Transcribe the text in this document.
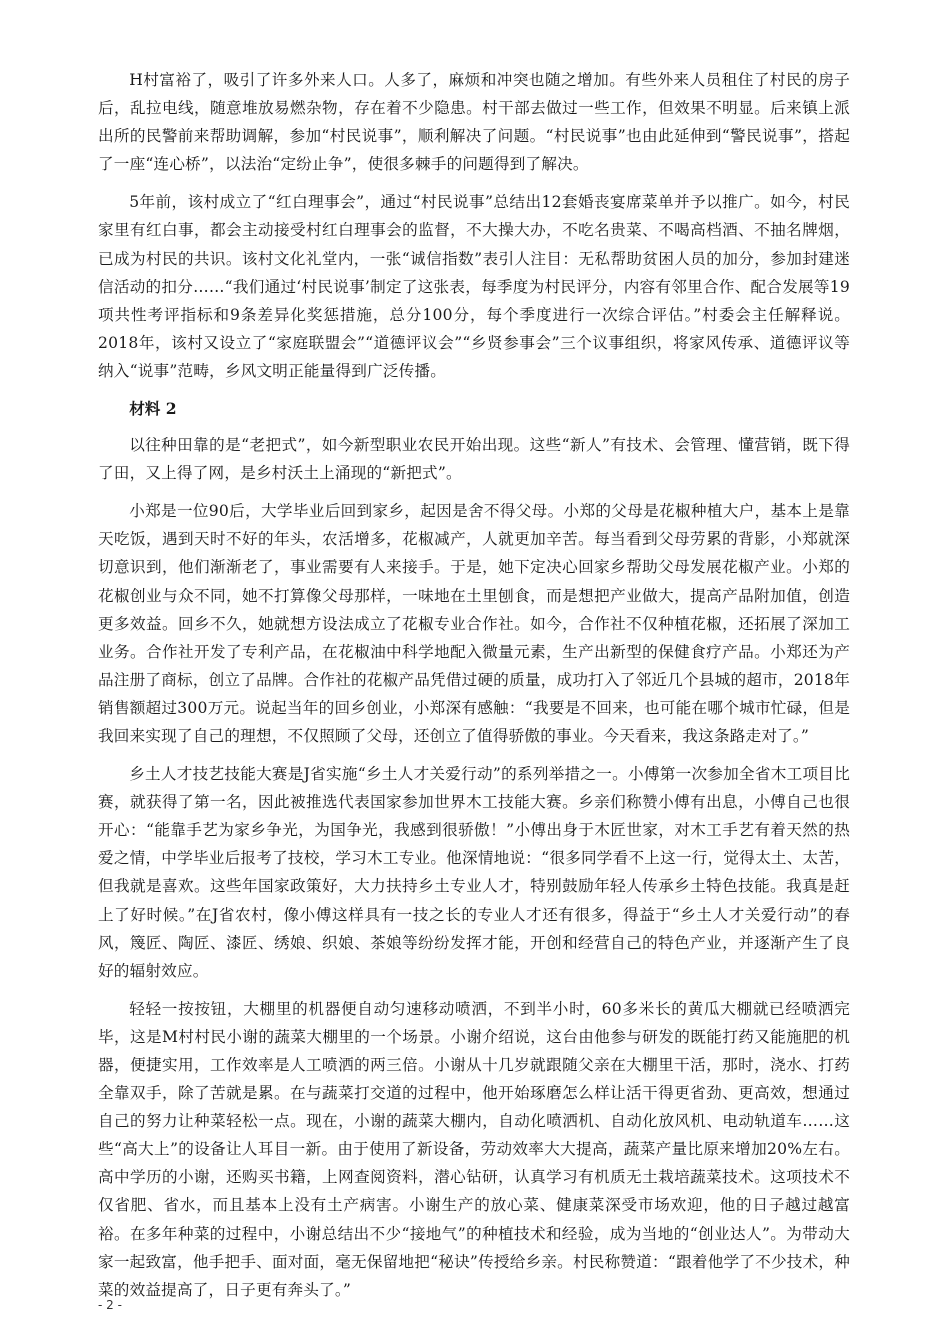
H村富裕了，吸引了许多外来人口。人多了，麻烦和冲突也随之增加。有些外来人员租住了村民的房子后，乱拉电线，随意堆放易燃杂物，存在着不少隐患。村干部去做过一些工作，但效果不明显。后来镇上派出所的民警前来帮助调解，参加“村民说事”，顺利解决了问题。“村民说事”也由此延伸到“警民说事”，搭起了一座“连心桥”，以法治“定纷止争”，使很多棘手的问题得到了解决。

5年前，该村成立了“红白理事会”，通过“村民说事”总结出12套婚丧宴席菜单并予以推广。如今，村民家里有红白事，都会主动接受村红白理事会的监督，不大操大办，不吃名贵菜、不喝高档酒、不抽名牌烟，已成为村民的共识。该村文化礼堂内，一张“诚信指数”表引人注目：无私帮助贫困人员的加分，参加封建迷信活动的扣分……“我们通过‘村民说事’制定了这张表，每季度为村民评分，内容有邻里合作、配合发展等19项共性考评指标和9条差异化奖惩措施，总分100分，每个季度进行一次综合评估。”村委会主任解释说。2018年，该村又设立了“家庭联盟会”“道德评议会”“乡贤参事会”三个议事组织，将家风传承、道德评议等纳入“说事”范畴，乡风文明正能量得到广泛传播。

材料 2

以往种田靠的是“老把式”，如今新型职业农民开始出现。这些“新人”有技术、会管理、懂营销，既下得了田，又上得了网，是乡村沃土上涌现的“新把式”。

小郑是一位90后，大学毕业后回到家乡，起因是舍不得父母。小郑的父母是花椒种植大户，基本上是靠天吃饭，遇到天时不好的年头，农活增多，花椒减产，人就更加辛苦。每当看到父母劳累的背影，小郑就深切意识到，他们渐渐老了，事业需要有人来接手。于是，她下定决心回家乡帮助父母发展花椒产业。小郑的花椒创业与众不同，她不打算像父母那样，一味地在土里刨食，而是想把产业做大，提高产品附加值，创造更多效益。回乡不久，她就想方设法成立了花椒专业合作社。如今，合作社不仅种植花椒，还拓展了深加工业务。合作社开发了专利产品，在花椒油中科学地配入微量元素，生产出新型的保健食疗产品。小郑还为产品注册了商标，创立了品牌。合作社的花椒产品凭借过硬的质量，成功打入了邻近几个县城的超市，2018年销售额超过300万元。说起当年的回乡创业，小郑深有感触：“我要是不回来，也可能在哪个城市忙碌，但是我回来实现了自己的理想，不仅照顾了父母，还创立了值得骄傲的事业。今天看来，我这条路走对了。”

乡土人才技艺技能大赛是J省实施“乡土人才关爱行动”的系列举措之一。小傅第一次参加全省木工项目比赛，就获得了第一名，因此被推选代表国家参加世界木工技能大赛。乡亲们称赞小傅有出息，小傅自己也很开心：“能靠手艺为家乡争光，为国争光，我感到很骄傲！”小傅出身于木匠世家，对木工手艺有着天然的热爱之情，中学毕业后报考了技校，学习木工专业。他深情地说：“很多同学看不上这一行，觉得太土、太苦，但我就是喜欢。这些年国家政策好，大力扶持乡土专业人才，特别鼓励年轻人传承乡土特色技能。我真是赶上了好时候。”在J省农村，像小傅这样具有一技之长的专业人才还有很多，得益于“乡土人才关爱行动”的春风，篾匠、陶匠、漆匠、绣娘、织娘、茶娘等纷纷发挥才能，开创和经营自己的特色产业，并逐渐产生了良好的辐射效应。

轻轻一按按钮，大棚里的机器便自动匀速移动喷洒，不到半小时，60多米长的黄瓜大棚就已经喷洒完毕，这是M村村民小谢的蔬菜大棚里的一个场景。小谢介绍说，这台由他参与研发的既能打药又能施肥的机器，便捷实用，工作效率是人工喷洒的两三倍。小谢从十几岁就跟随父亲在大棚里干活，那时，浇水、打药全靠双手，除了苦就是累。在与蔬菜打交道的过程中，他开始琢磨怎么样让活干得更省劲、更高效，想通过自己的努力让种菜轻松一点。现在，小谢的蔬菜大棚内，自动化喷洒机、自动化放风机、电动轨道车……这些“高大上”的设备让人耳目一新。由于使用了新设备，劳动效率大大提高，蔬菜产量比原来增加20%左右。高中学历的小谢，还购买书籍，上网查阅资料，潜心钻研，认真学习有机质无土栽培蔬菜技术。这项技术不仅省肥、省水，而且基本上没有土产病害。小谢生产的放心菜、健康菜深受市场欢迎，他的日子越过越富裕。在多年种菜的过程中，小谢总结出不少“接地气”的种植技术和经验，成为当地的“创业达人”。为带动大家一起致富，他手把手、面对面，毫无保留地把“秘诀”传授给乡亲。村民称赞道：“跟着他学了不少技术，种菜的效益提高了，日子更有奔头了。”

- 2 -
